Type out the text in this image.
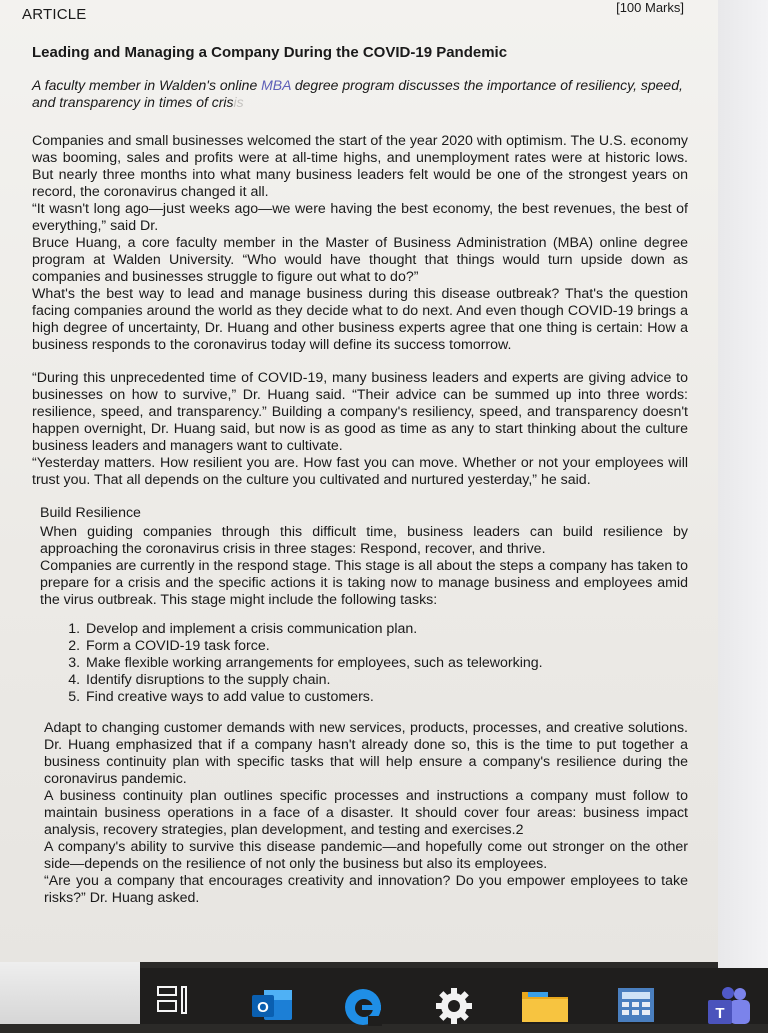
ARTICLE	[100 Marks]
Leading and Managing a Company During the COVID-19 Pandemic
A faculty member in Walden's online MBA degree program discusses the importance of resiliency, speed, and transparency in times of crisis

Companies and small businesses welcomed the start of the year 2020 with optimism. The U.S. economy was booming, sales and profits were at all-time highs, and unemployment rates were at historic lows. But nearly three months into what many business leaders felt would be one of the strongest years on record, the coronavirus changed it all.

“It wasn't long ago—just weeks ago—we were having the best economy, the best revenues, the best of everything,” said Dr.

Bruce Huang, a core faculty member in the Master of Business Administration (MBA) online degree program at Walden University. “Who would have thought that things would turn upside down as companies and businesses struggle to figure out what to do?”

What's the best way to lead and manage business during this disease outbreak? That's the question facing companies around the world as they decide what to do next. And even though COVID-19 brings a high degree of uncertainty, Dr. Huang and other business experts agree that one thing is certain: How a business responds to the coronavirus today will define its success tomorrow.

“During this unprecedented time of COVID-19, many business leaders and experts are giving advice to businesses on how to survive,” Dr. Huang said. “Their advice can be summed up into three words: resilience, speed, and transparency.” Building a company's resiliency, speed, and transparency doesn't happen overnight, Dr. Huang said, but now is as good as time as any to start thinking about the culture business leaders and managers want to cultivate.

“Yesterday matters. How resilient you are. How fast you can move. Whether or not your employees will trust you. That all depends on the culture you cultivated and nurtured yesterday,” he said.

Build Resilience

When guiding companies through this difficult time, business leaders can build resilience by approaching the coronavirus crisis in three stages: Respond, recover, and thrive.

Companies are currently in the respond stage. This stage is all about the steps a company has taken to prepare for a crisis and the specific actions it is taking now to manage business and employees amid the virus outbreak. This stage might include the following tasks:

1. Develop and implement a crisis communication plan.
2. Form a COVID-19 task force.
3. Make flexible working arrangements for employees, such as teleworking.
4. Identify disruptions to the supply chain.
5. Find creative ways to add value to customers.

Adapt to changing customer demands with new services, products, processes, and creative solutions. Dr. Huang emphasized that if a company hasn't already done so, this is the time to put together a business continuity plan with specific tasks that will help ensure a company's resilience during the coronavirus pandemic.

A business continuity plan outlines specific processes and instructions a company must follow to maintain business operations in a face of a disaster. It should cover four areas: business impact analysis, recovery strategies, plan development, and testing and exercises.2

A company's ability to survive this disease pandemic—and hopefully come out stronger on the other side—depends on the resilience of not only the business but also its employees.

“Are you a company that encourages creativity and innovation? Do you empower employees to take risks?” Dr. Huang asked.

O	T
